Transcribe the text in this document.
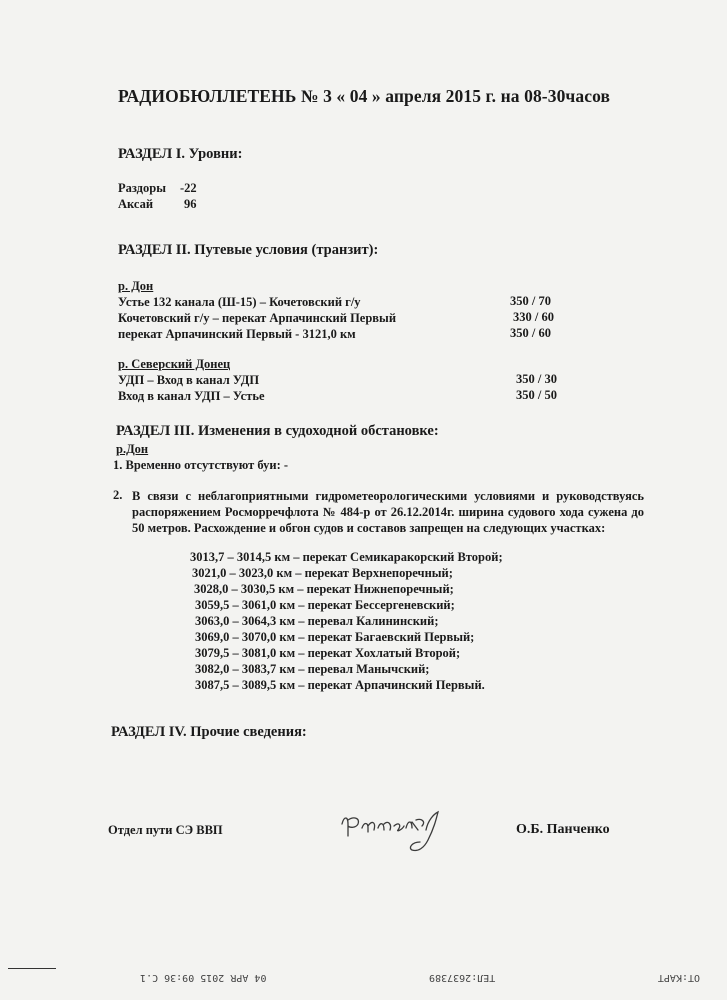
РАДИОБЮЛЛЕТЕНЬ № 3 « 04 » апреля 2015 г. на 08-30часов
РАЗДЕЛ I. Уровни:
Раздоры -22
Аксай 96
РАЗДЕЛ II. Путевые условия (транзит):
р. Дон
Устье 132 канала (Ш-15) – Кочетовский г/у	350 / 70
Кочетовский г/у – перекат Арпачинский Первый	330 / 60
перекат Арпачинский Первый - 3121,0 км	350 / 60
р. Северский Донец
УДП – Вход в канал УДП	350 / 30
Вход в канал УДП – Устье	350 / 50
РАЗДЕЛ III. Изменения в судоходной обстановке:
р.Дон
1. Временно отсутствуют буи: -
2. В связи с неблагоприятными гидрометеорологическими условиями и руководствуясь распоряжением Росморречфлота № 484-р от 26.12.2014г. ширина судового хода сужена до 50 метров. Расхождение и обгон судов и составов запрещен на следующих участках:
3013,7 – 3014,5 км – перекат Семикаракорский Второй;
3021,0 – 3023,0 км – перекат Верхнепоречный;
3028,0 – 3030,5 км – перекат Нижнепоречный;
3059,5 – 3061,0 км – перекат Бессергеневский;
3063,0 – 3064,3 км – перевал Калининский;
3069,0 – 3070,0 км – перекат Багаевский Первый;
3079,5 – 3081,0 км – перекат Хохлатый Второй;
3082,0 – 3083,7 км – перевал Манычский;
3087,5 – 3089,5 км – перекат Арпачинский Первый.
РАЗДЕЛ IV. Прочие сведения:
Отдел пути СЭ ВВП	О.Б. Панченко
ОТ:КАРТ
ТЕЛ:2637389
04 APR 2015 09:36 С.1
